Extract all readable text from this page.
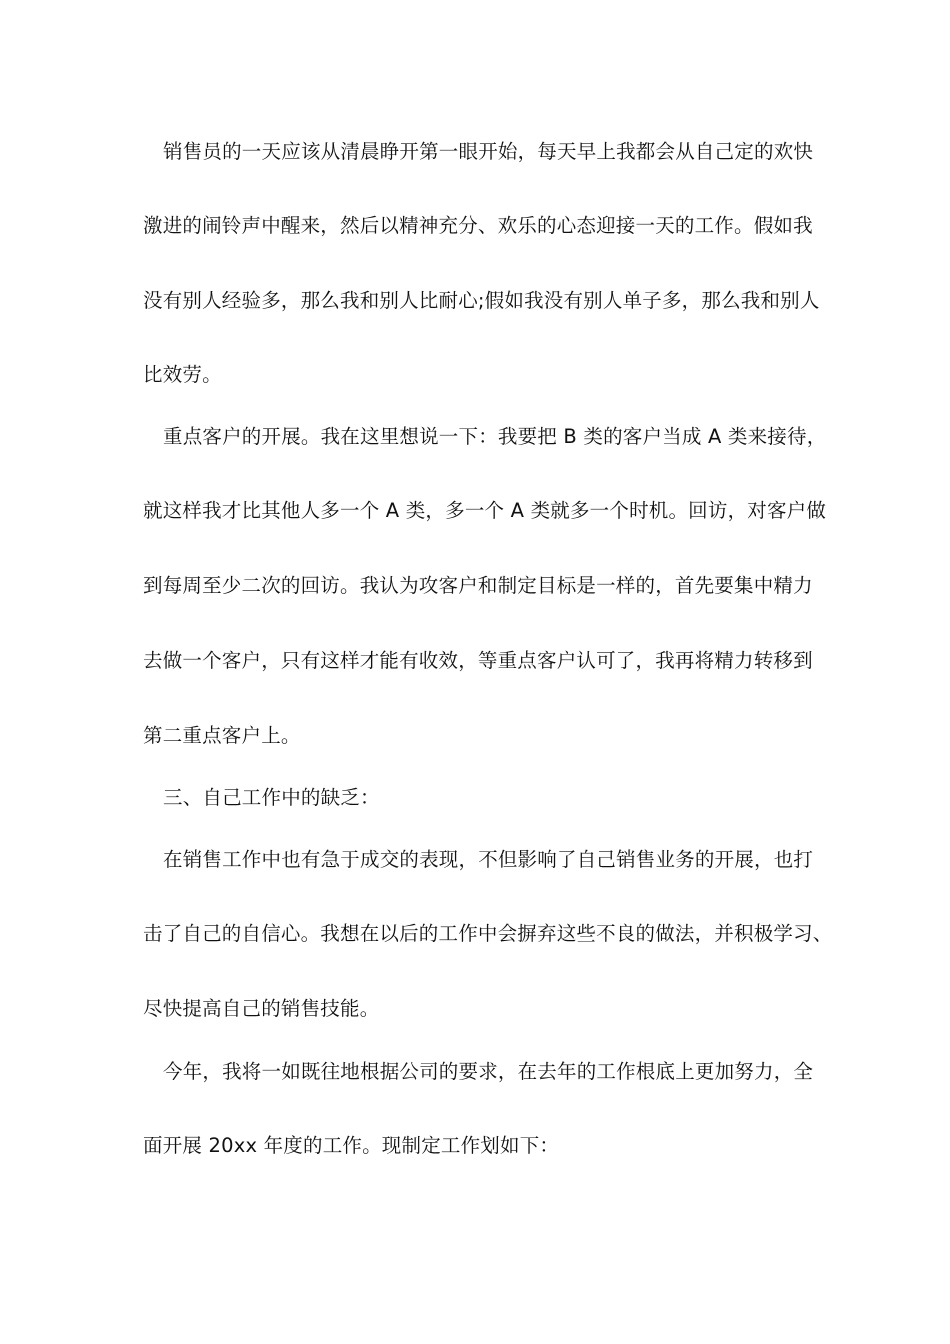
销售员的一天应该从清晨睁开第一眼开始，每天早上我都会从自己定的欢快
激进的闹铃声中醒来，然后以精神充分、欢乐的心态迎接一天的工作。假如我
没有别人经验多，那么我和别人比耐心;假如我没有别人单子多，那么我和别人
比效劳。
重点客户的开展。我在这里想说一下：我要把 B 类的客户当成 A 类来接待，
就这样我才比其他人多一个 A 类，多一个 A 类就多一个时机。回访，对客户做
到每周至少二次的回访。我认为攻客户和制定目标是一样的，首先要集中精力
去做一个客户，只有这样才能有收效，等重点客户认可了，我再将精力转移到
第二重点客户上。
三、自己工作中的缺乏：
在销售工作中也有急于成交的表现，不但影响了自己销售业务的开展，也打
击了自己的自信心。我想在以后的工作中会摒弃这些不良的做法，并积极学习、
尽快提高自己的销售技能。
今年，我将一如既往地根据公司的要求，在去年的工作根底上更加努力，全
面开展 20xx 年度的工作。现制定工作划如下：
